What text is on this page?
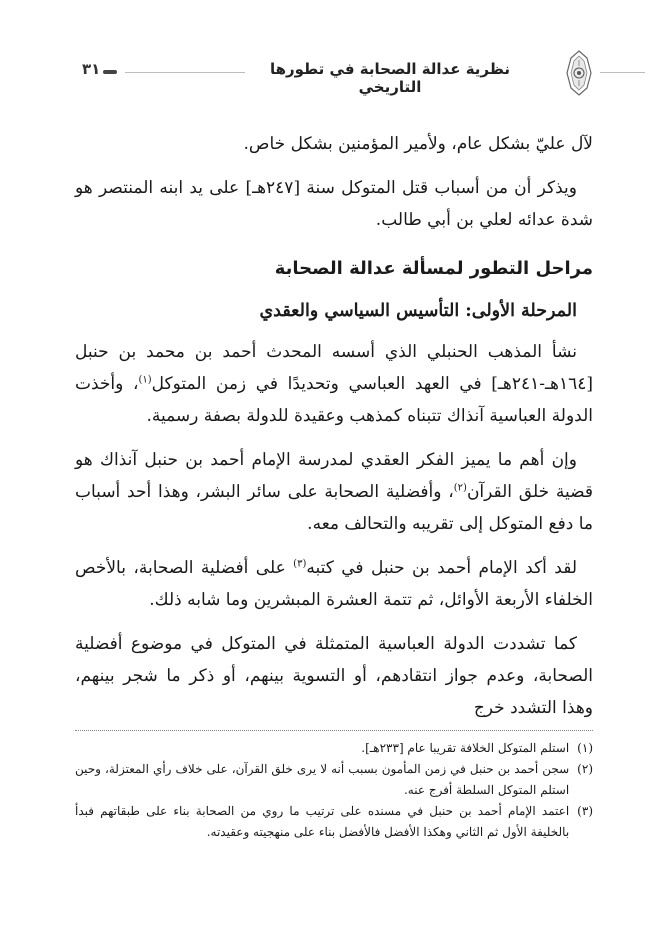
٣١	نظرية عدالة الصحابة في تطورها التاريخي

لآل عليّ بشكل عام، ولأمير المؤمنين بشكل خاص.

ويذكر أن من أسباب قتل المتوكل سنة [٢٤٧هـ] على يد ابنه المنتصر هو شدة عدائه لعلي بن أبي طالب.

مراحل التطور لمسألة عدالة الصحابة
المرحلة الأولى: التأسيس السياسي والعقدي

نشأ المذهب الحنبلي الذي أسسه المحدث أحمد بن محمد بن حنبل [١٦٤هـ-٢٤١هـ] في العهد العباسي وتحديدًا في زمن المتوكل$^{(١)}$، وأخذت الدولة العباسية آنذاك تتبناه كمذهب وعقيدة للدولة بصفة رسمية.

وإن أهم ما يميز الفكر العقدي لمدرسة الإمام أحمد بن حنبل آنذاك هو قضية خلق القرآن$^{(٢)}$، وأفضلية الصحابة على سائر البشر، وهذا أحد أسباب ما دفع المتوكل إلى تقريبه والتحالف معه.

لقد أكد الإمام أحمد بن حنبل في كتبه$^{(٣)}$ على أفضلية الصحابة، بالأخص الخلفاء الأربعة الأوائل، ثم تتمة العشرة المبشرين وما شابه ذلك.

كما تشددت الدولة العباسية المتمثلة في المتوكل في موضوع أفضلية الصحابة، وعدم جواز انتقادهم، أو التسوية بينهم، أو ذكر ما شجر بينهم، وهذا التشدد خرج

(١)
استلم المتوكل الخلافة تقريبا عام [٢٣٣هـ].
(٢)
سجن أحمد بن حنبل في زمن المأمون بسبب أنه لا يرى خلق القرآن، على خلاف رأي المعتزلة، وحين استلم المتوكل السلطة أفرج عنه.
(٣)
اعتمد الإمام أحمد بن حنبل في مسنده على ترتيب ما روي من الصحابة بناء على طبقاتهم فبدأ بالخليفة الأول ثم الثاني وهكذا الأفضل فالأفضل بناء على منهجيته وعقيدته.
